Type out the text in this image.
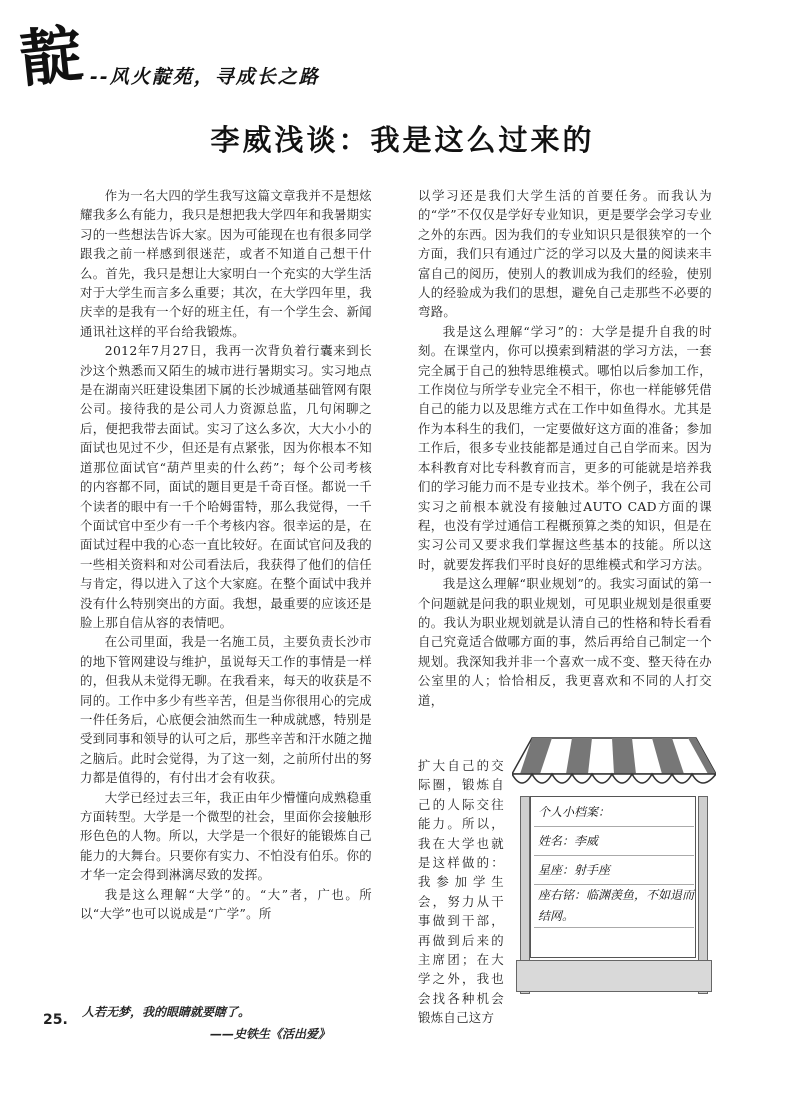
靛 --风火靛苑，寻成长之路
李威浅谈：我是这么过来的

作为一名大四的学生我写这篇文章我并不是想炫耀我多么有能力，我只是想把我大学四年和我暑期实习的一些想法告诉大家。因为可能现在也有很多同学跟我之前一样感到很迷茫，或者不知道自己想干什么。首先，我只是想让大家明白一个充实的大学生活对于大学生而言多么重要；其次，在大学四年里，我庆幸的是我有一个好的班主任，有一个学生会、新闻通讯社这样的平台给我锻炼。

2012年7月27日，我再一次背负着行囊来到长沙这个熟悉而又陌生的城市进行暑期实习。实习地点是在湖南兴旺建设集团下属的长沙城通基础管网有限公司。接待我的是公司人力资源总监，几句闲聊之后，便把我带去面试。实习了这么多次，大大小小的面试也见过不少，但还是有点紧张，因为你根本不知道那位面试官“葫芦里卖的什么药”；每个公司考核的内容都不同，面试的题目更是千奇百怪。都说一千个读者的眼中有一千个哈姆雷特，那么我觉得，一千个面试官中至少有一千个考核内容。很幸运的是，在面试过程中我的心态一直比较好。在面试官问及我的一些相关资料和对公司看法后，我获得了他们的信任与肯定，得以进入了这个大家庭。在整个面试中我并没有什么特别突出的方面。我想，最重要的应该还是脸上那自信从容的表情吧。

在公司里面，我是一名施工员，主要负责长沙市的地下管网建设与维护，虽说每天工作的事情是一样的，但我从未觉得无聊。在我看来，每天的收获是不同的。工作中多少有些辛苦，但是当你很用心的完成一件任务后，心底便会油然而生一种成就感，特别是受到同事和领导的认可之后，那些辛苦和汗水随之抛之脑后。此时会觉得，为了这一刻，之前所付出的努力都是值得的，有付出才会有收获。

大学已经过去三年，我正由年少懵懂向成熟稳重方面转型。大学是一个微型的社会，里面你会接触形形色色的人物。所以，大学是一个很好的能锻炼自己能力的大舞台。只要你有实力、不怕没有伯乐。你的才华一定会得到淋漓尽致的发挥。

我是这么理解“大学”的。“大”者，广也。所以“大学”也可以说成是“广学”。所

以学习还是我们大学生活的首要任务。而我认为的“学”不仅仅是学好专业知识，更是要学会学习专业之外的东西。因为我们的专业知识只是很狭窄的一个方面，我们只有通过广泛的学习以及大量的阅读来丰富自己的阅历，使别人的教训成为我们的经验，使别人的经验成为我们的思想，避免自己走那些不必要的弯路。

我是这么理解“学习”的：大学是提升自我的时刻。在课堂内，你可以摸索到精湛的学习方法，一套完全属于自己的独特思维模式。哪怕以后参加工作，工作岗位与所学专业完全不相干，你也一样能够凭借自己的能力以及思维方式在工作中如鱼得水。尤其是作为本科生的我们，一定要做好这方面的准备；参加工作后，很多专业技能都是通过自己自学而来。因为本科教育对比专科教育而言，更多的可能就是培养我们的学习能力而不是专业技术。举个例子，我在公司实习之前根本就没有接触过AUTO CAD方面的课程，也没有学过通信工程概预算之类的知识，但是在实习公司又要求我们掌握这些基本的技能。所以这时，就要发挥我们平时良好的思维模式和学习方法。

我是这么理解“职业规划”的。我实习面试的第一个问题就是问我的职业规划，可见职业规划是很重要的。我认为职业规划就是认清自己的性格和特长看看自己究竟适合做哪方面的事，然后再给自己制定一个规划。我深知我并非一个喜欢一成不变、整天待在办公室里的人；恰恰相反，我更喜欢和不同的人打交道，

扩大自己的交际圈，锻炼自己的人际交往能力。所以，我在大学也就是这样做的：我参加学生会，努力从干事做到干部，再做到后来的主席团；在大学之外，我也会找各种机会锻炼自己这方

个人小档案：
姓名：李威
星座：射手座
座右铭：临渊羡鱼，不如退而结网。
25. 人若无梦，我的眼睛就要瞎了。
——史铁生《活出爱》
